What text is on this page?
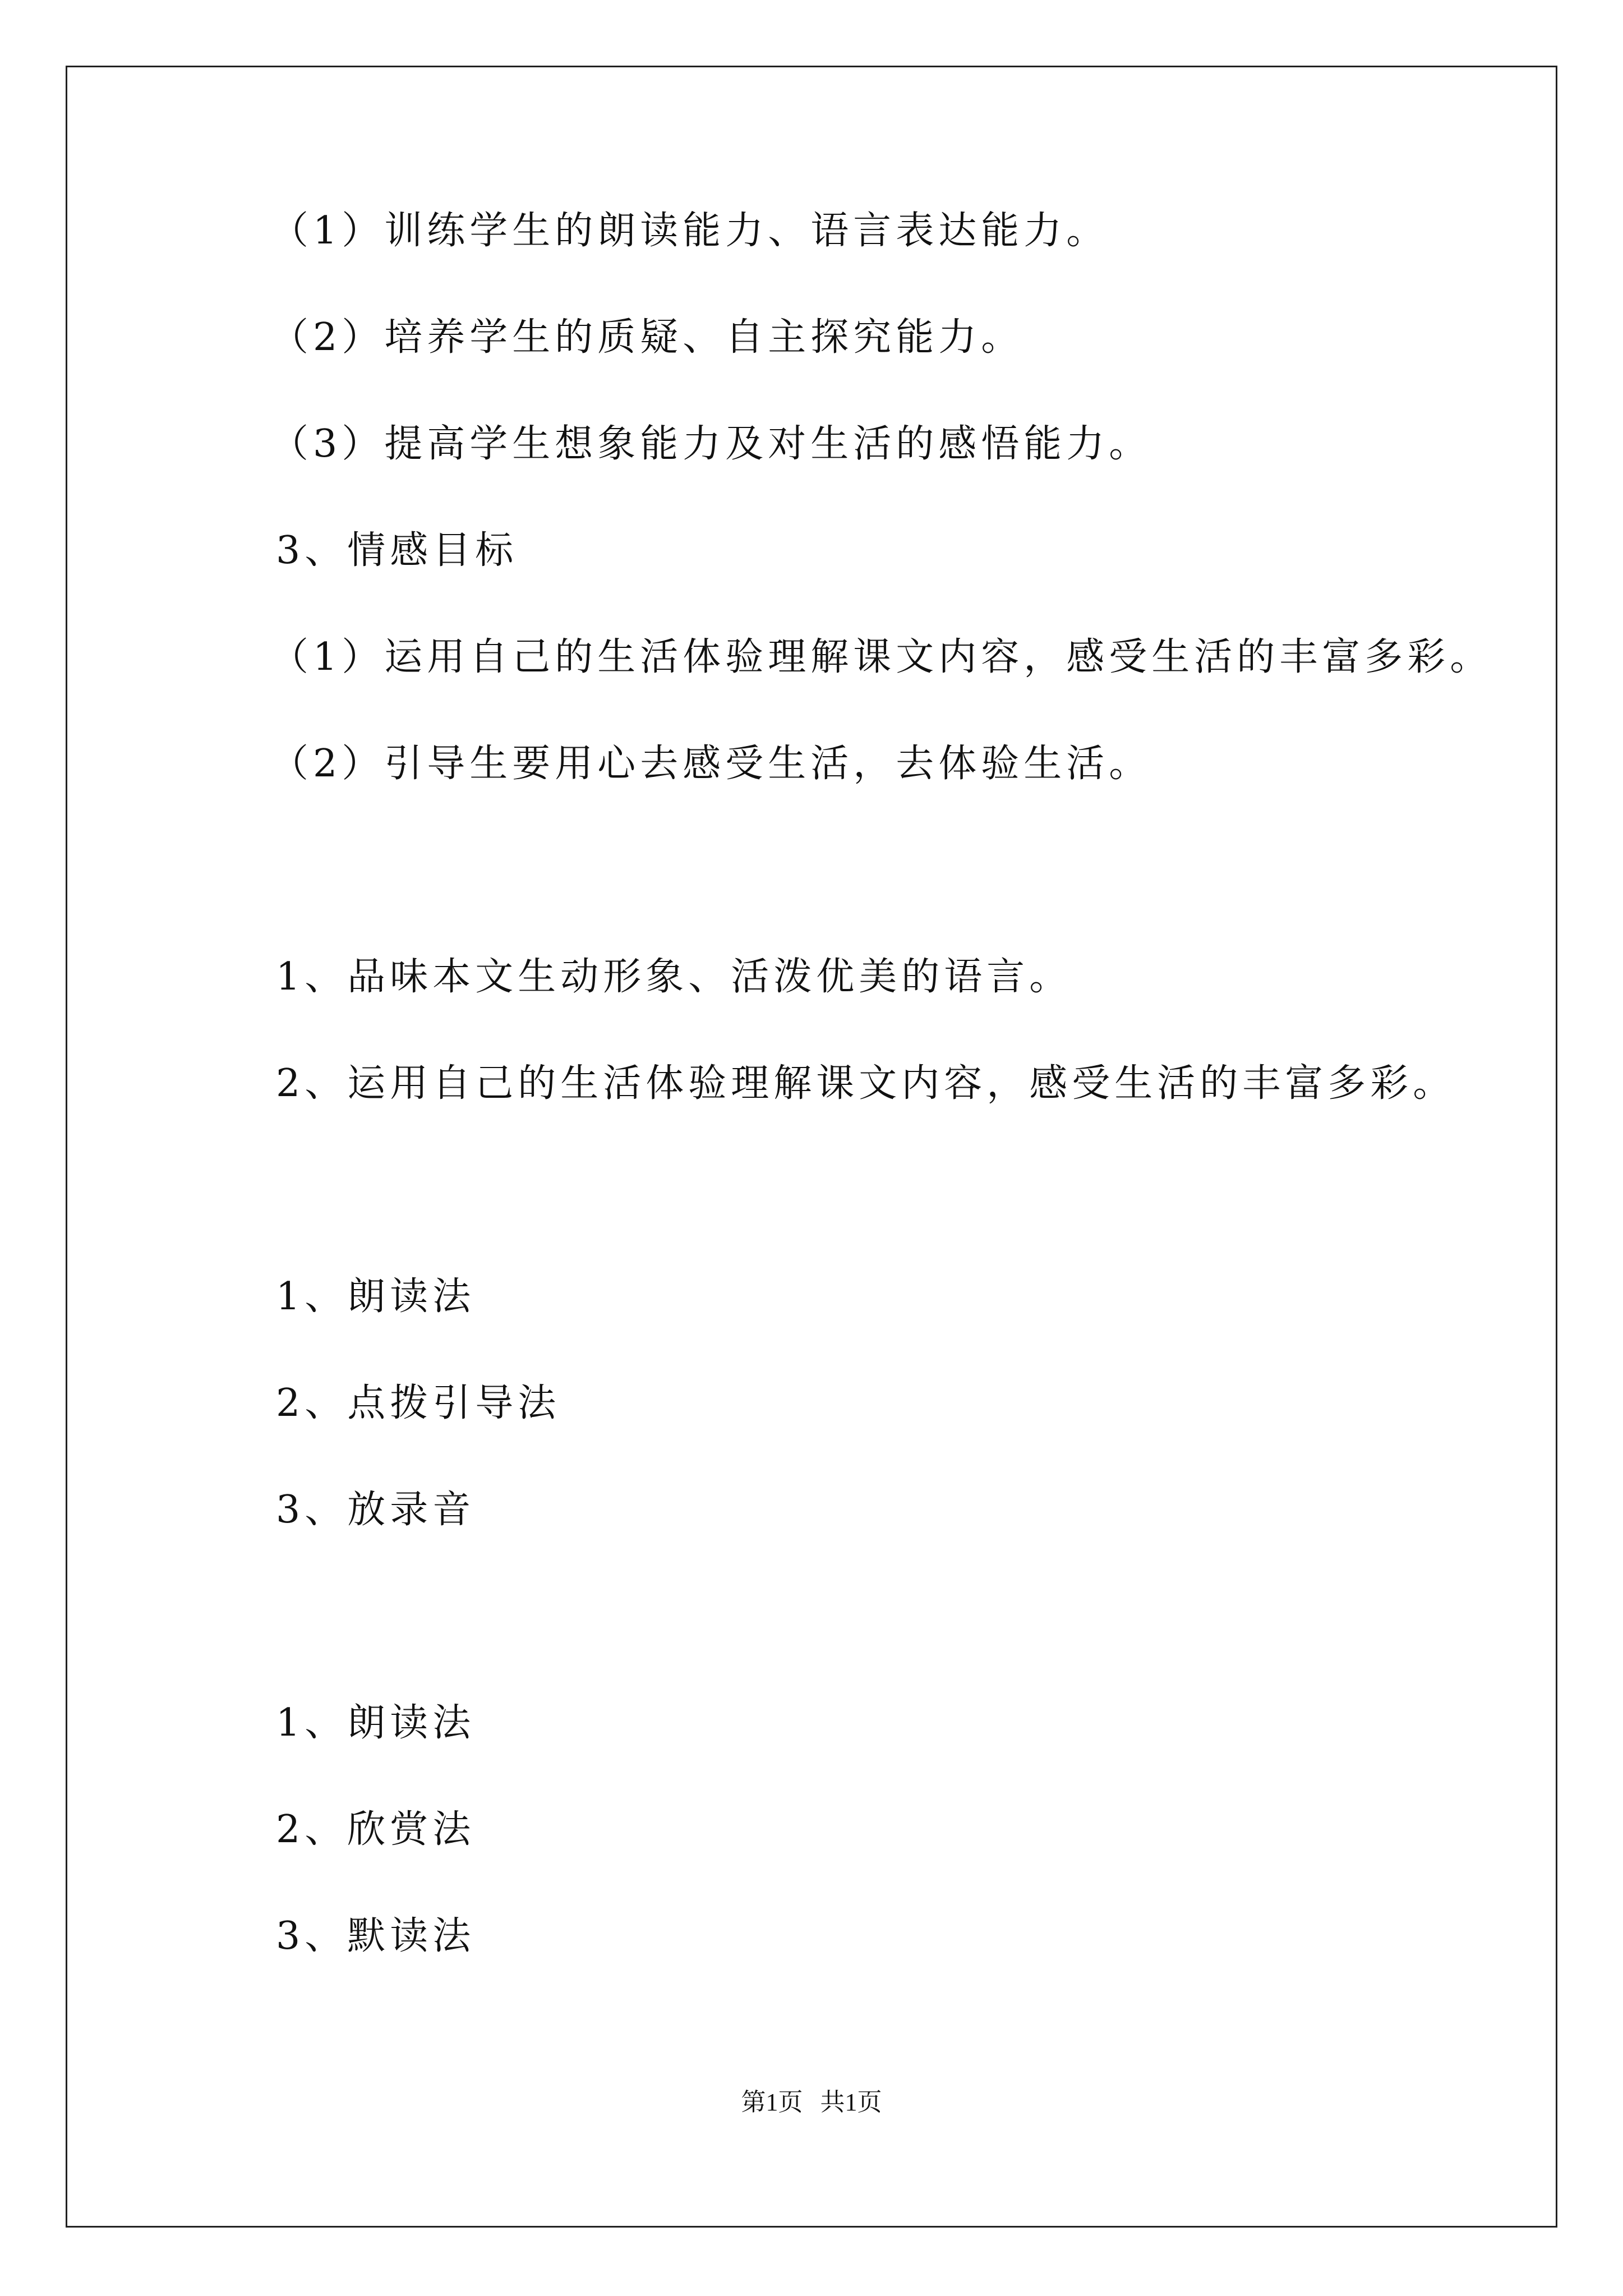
（1）训练学生的朗读能力、语言表达能力。
（2）培养学生的质疑、自主探究能力。
（3）提高学生想象能力及对生活的感悟能力。
3、情感目标
（1）运用自己的生活体验理解课文内容，感受生活的丰富多彩。
（2）引导生要用心去感受生活，去体验生活。
1、品味本文生动形象、活泼优美的语言。
2、运用自己的生活体验理解课文内容，感受生活的丰富多彩。
1、朗读法
2、点拨引导法
3、放录音
1、朗读法
2、欣赏法
3、默读法
第1页 共1页
